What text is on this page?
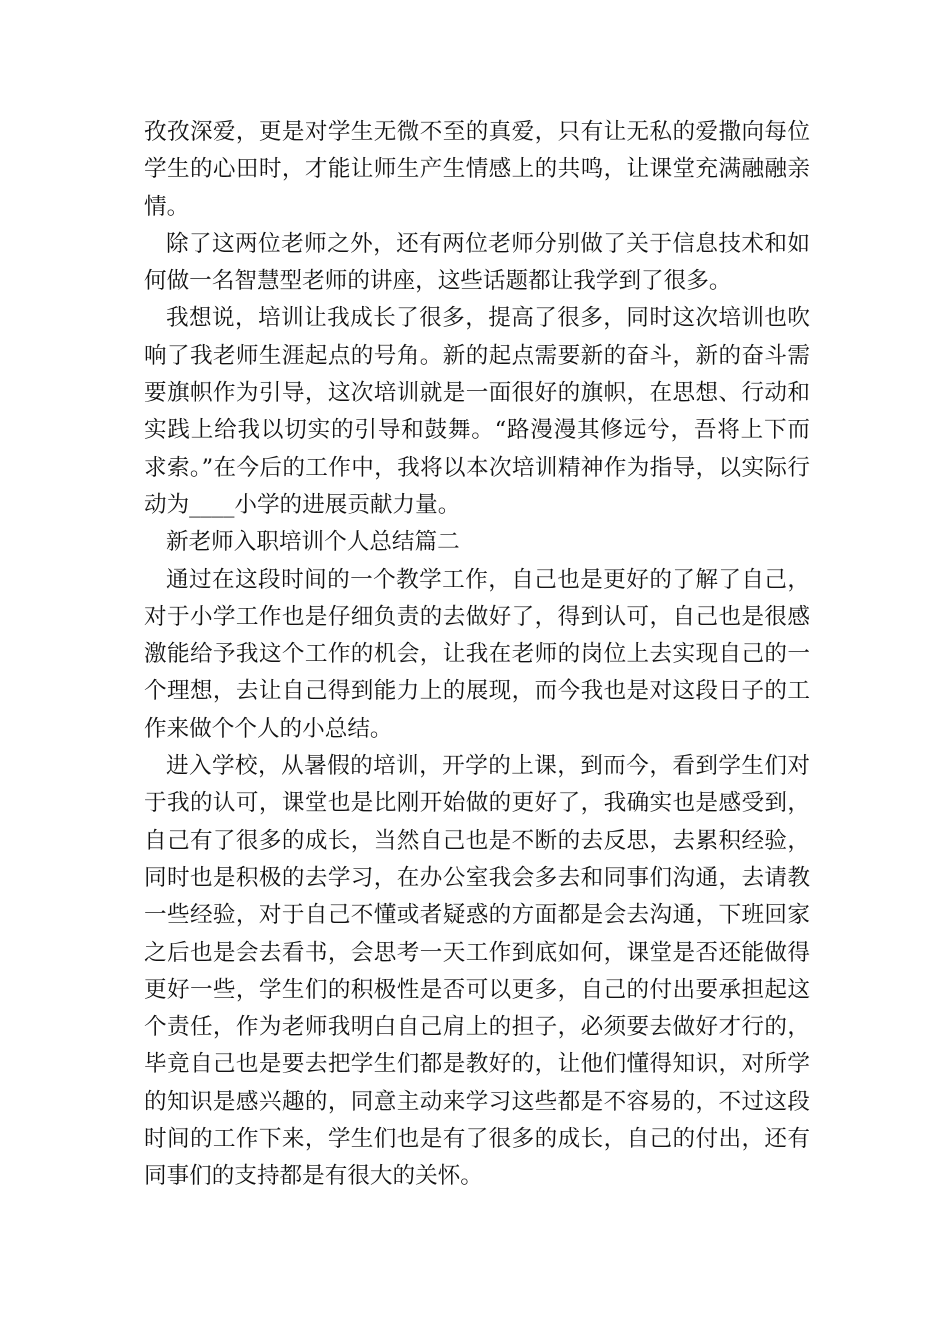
孜孜深爱，更是对学生无微不至的真爱，只有让无私的爱撒向每位学生的心田时，才能让师生产生情感上的共鸣，让课堂充满融融亲情。

除了这两位老师之外，还有两位老师分别做了关于信息技术和如何做一名智慧型老师的讲座，这些话题都让我学到了很多。

我想说，培训让我成长了很多，提高了很多，同时这次培训也吹响了我老师生涯起点的号角。新的起点需要新的奋斗，新的奋斗需要旗帜作为引导，这次培训就是一面很好的旗帜，在思想、行动和实践上给我以切实的引导和鼓舞。“路漫漫其修远兮，吾将上下而求索。”在今后的工作中，我将以本次培训精神作为指导，以实际行动为____小学的进展贡献力量。

新老师入职培训个人总结篇二

通过在这段时间的一个教学工作，自己也是更好的了解了自己，对于小学工作也是仔细负责的去做好了，得到认可，自己也是很感激能给予我这个工作的机会，让我在老师的岗位上去实现自己的一个理想，去让自己得到能力上的展现，而今我也是对这段日子的工作来做个个人的小总结。

进入学校，从暑假的培训，开学的上课，到而今，看到学生们对于我的认可，课堂也是比刚开始做的更好了，我确实也是感受到，自己有了很多的成长，当然自己也是不断的去反思，去累积经验，同时也是积极的去学习，在办公室我会多去和同事们沟通，去请教一些经验，对于自己不懂或者疑惑的方面都是会去沟通，下班回家之后也是会去看书，会思考一天工作到底如何，课堂是否还能做得更好一些，学生们的积极性是否可以更多，自己的付出要承担起这个责任，作为老师我明白自己肩上的担子，必须要去做好才行的，毕竟自己也是要去把学生们都是教好的，让他们懂得知识，对所学的知识是感兴趣的，同意主动来学习这些都是不容易的，不过这段时间的工作下来，学生们也是有了很多的成长，自己的付出，还有同事们的支持都是有很大的关怀。
